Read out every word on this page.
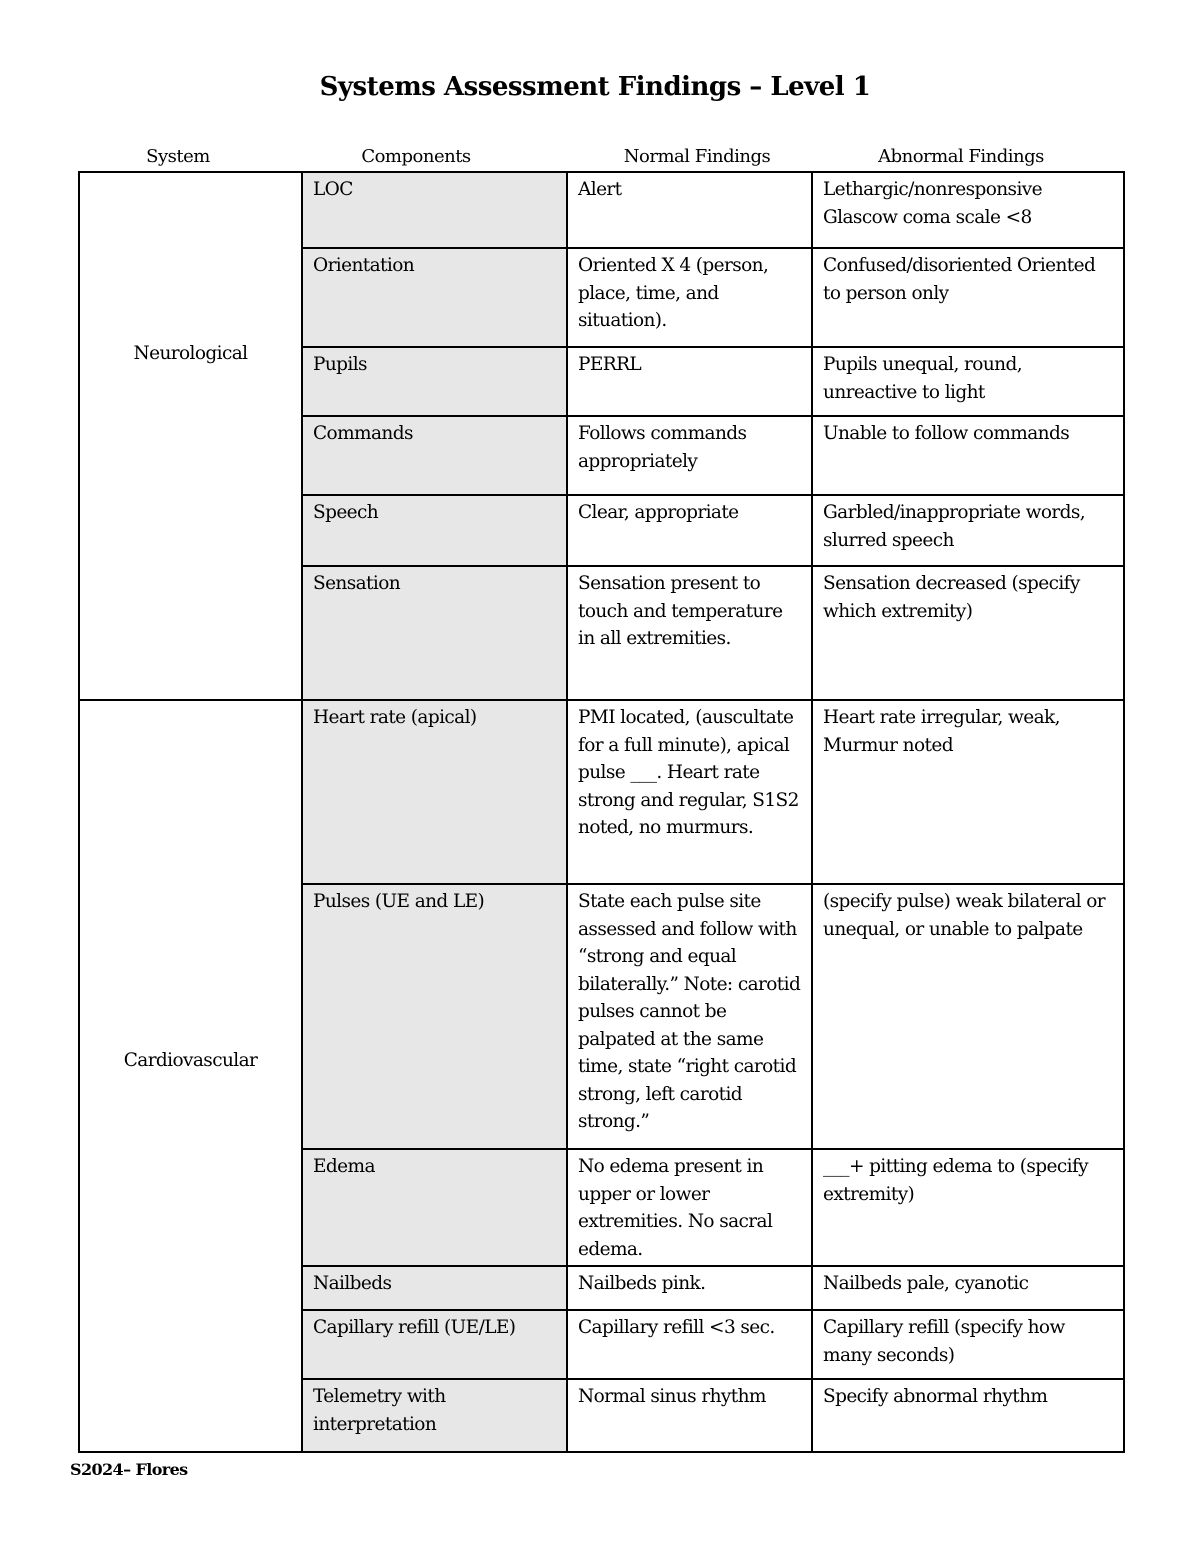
Systems Assessment Findings – Level 1
System	Components	Normal Findings	Abnormal Findings
Neurological	LOC	Alert	Lethargic/nonresponsive Glascow coma scale <8
	Orientation	Oriented X 4 (person, place, time, and situation).	Confused/disoriented Oriented to person only
	Pupils	PERRL	Pupils unequal, round, unreactive to light
	Commands	Follows commands appropriately	Unable to follow commands
	Speech	Clear, appropriate	Garbled/inappropriate words, slurred speech
	Sensation	Sensation present to touch and temperature in all extremities.	Sensation decreased (specify which extremity)

Cardiovascular	Heart rate (apical)	PMI located, (auscultate for a full minute), apical pulse ___. Heart rate strong and regular, S1S2 noted, no murmurs.	Heart rate irregular, weak, Murmur noted
	Pulses (UE and LE)	State each pulse site assessed and follow with “strong and equal bilaterally.” Note: carotid pulses cannot be palpated at the same time, state “right carotid strong, left carotid strong.”	(specify pulse) weak bilateral or unequal, or unable to palpate
	Edema	No edema present in upper or lower extremities. No sacral edema.	___+ pitting edema to (specify extremity)
	Nailbeds	Nailbeds pink.	Nailbeds pale, cyanotic
	Capillary refill (UE/LE)	Capillary refill <3 sec.	Capillary refill (specify how many seconds)
	Telemetry with interpretation	Normal sinus rhythm	Specify abnormal rhythm
S2024– Flores
